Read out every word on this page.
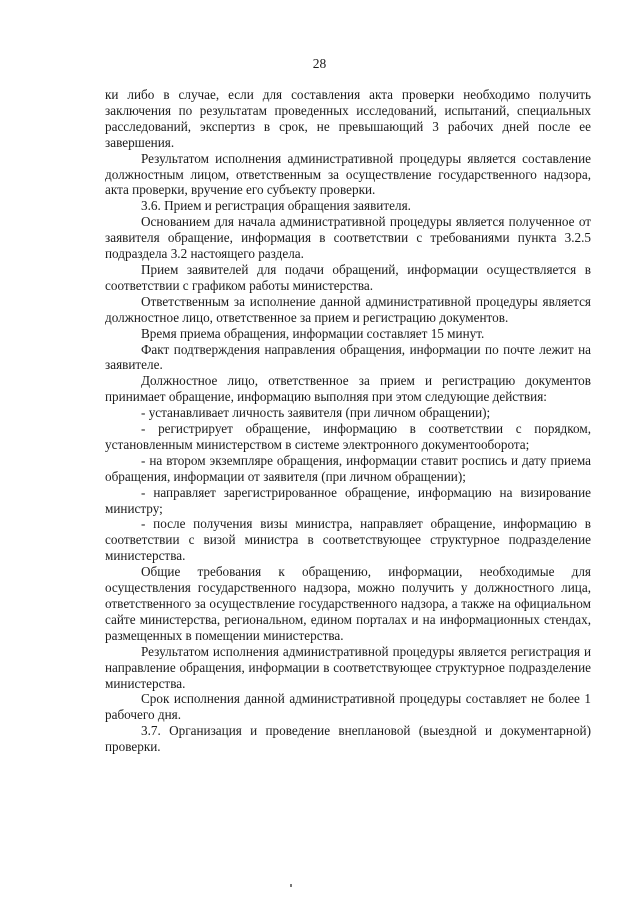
28

ки либо в случае, если для составления акта проверки необходимо получить заключения по результатам проведенных исследований, испытаний, специальных расследований, экспертиз в срок, не превышающий 3 рабочих дней после ее завершения.

Результатом исполнения административной процедуры является составление должностным лицом, ответственным за осуществление государственного надзора, акта проверки, вручение его субъекту проверки.

3.6. Прием и регистрация обращения заявителя.

Основанием для начала административной процедуры является полученное от заявителя обращение, информация в соответствии с требованиями пункта 3.2.5 подраздела 3.2 настоящего раздела.

Прием заявителей для подачи обращений, информации осуществляется в соответствии с графиком работы министерства.

Ответственным за исполнение данной административной процедуры является должностное лицо, ответственное за прием и регистрацию документов.

Время приема обращения, информации составляет 15 минут.

Факт подтверждения направления обращения, информации по почте лежит на заявителе.

Должностное лицо, ответственное за прием и регистрацию документов принимает обращение, информацию выполняя при этом следующие действия:

- устанавливает личность заявителя (при личном обращении);

- регистрирует обращение, информацию в соответствии с порядком, установленным министерством в системе электронного документооборота;

- на втором экземпляре обращения, информации ставит роспись и дату приема обращения, информации от заявителя (при личном обращении);

- направляет зарегистрированное обращение, информацию на визирование министру;

- после получения визы министра, направляет обращение, информацию в соответствии с визой министра в соответствующее структурное подразделение министерства.

Общие требования к обращению, информации, необходимые для осуществления государственного надзора, можно получить у должностного лица, ответственного за осуществление государственного надзора, а также на официальном сайте министерства, региональном, едином порталах и на информационных стендах, размещенных в помещении министерства.

Результатом исполнения административной процедуры является регистрация и направление обращения, информации в соответствующее структурное подразделение министерства.

Срок исполнения данной административной процедуры составляет не более 1 рабочего дня.

3.7. Организация и проведение внеплановой (выездной и документарной) проверки.
